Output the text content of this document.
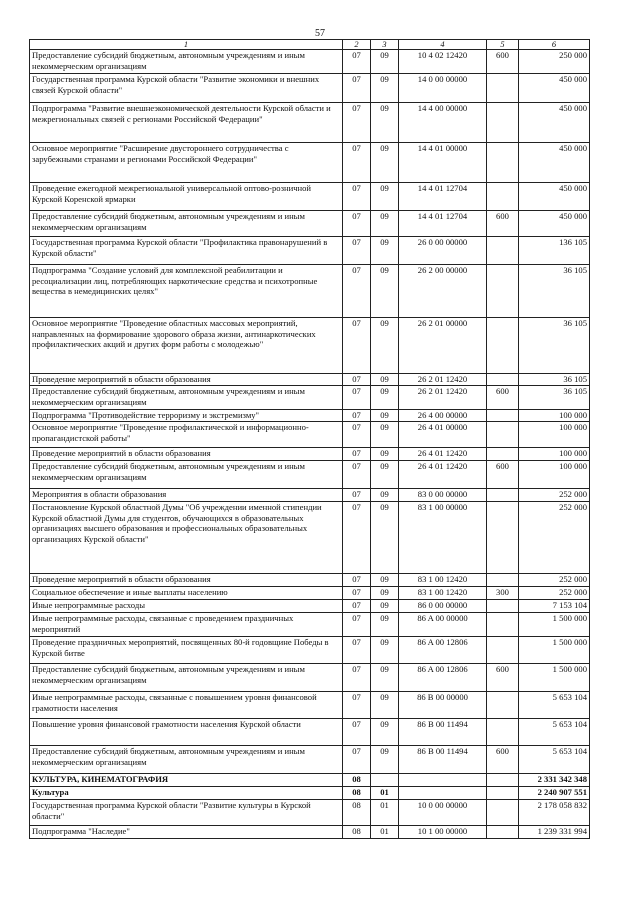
57
1	2	3	4	5	6
Предоставление субсидий бюджетным, автономным учреждениям и иным некоммерческим организациям	07	09	10 4 02 12420	600	250 000
Государственная программа Курской области "Развитие экономики и внешних связей Курской области"	07	09	14 0 00 00000		450 000
Подпрограмма "Развитие внешнеэкономической деятельности Курской области и межрегиональных связей с регионами Российской Федерации"	07	09	14 4 00 00000		450 000
Основное мероприятие "Расширение двустороннего сотрудничества с зарубежными странами и регионами Российской Федерации"	07	09	14 4 01 00000		450 000
Проведение ежегодной межрегиональной универсальной оптово-розничной Курской Коренской ярмарки	07	09	14 4 01 12704		450 000
Предоставление субсидий бюджетным, автономным учреждениям и иным некоммерческим организациям	07	09	14 4 01 12704	600	450 000
Государственная программа Курской области "Профилактика правонарушений в Курской области"	07	09	26 0 00 00000		136 105
Подпрограмма "Создание условий для комплексной реабилитации и ресоциализации лиц, потребляющих наркотические средства и психотропные вещества в немедицинских целях"	07	09	26 2 00 00000		36 105
Основное мероприятие "Проведение областных массовых мероприятий, направленных на формирование здорового образа жизни, антинаркотических профилактических акций и других форм работы с молодежью"	07	09	26 2 01 00000		36 105
Проведение мероприятий в области образования	07	09	26 2 01 12420		36 105
Предоставление субсидий бюджетным, автономным учреждениям и иным некоммерческим организациям	07	09	26 2 01 12420	600	36 105
Подпрограмма "Противодействие терроризму и экстремизму"	07	09	26 4 00 00000		100 000
Основное мероприятие "Проведение профилактической и информационно-пропагандистской работы"	07	09	26 4 01 00000		100 000
Проведение мероприятий в области образования	07	09	26 4 01 12420		100 000
Предоставление субсидий бюджетным, автономным учреждениям и иным некоммерческим организациям	07	09	26 4 01 12420	600	100 000
Мероприятия в области образования	07	09	83 0 00 00000		252 000
Постановление Курской областной Думы "Об учреждении именной стипендии Курской областной Думы для студентов, обучающихся в образовательных организациях высшего образования и профессиональных образовательных организациях Курской области"	07	09	83 1 00 00000		252 000
Проведение мероприятий в области образования	07	09	83 1 00 12420		252 000
Социальное обеспечение и иные выплаты населению	07	09	83 1 00 12420	300	252 000
Иные непрограммные расходы	07	09	86 0 00 00000		7 153 104
Иные непрограммные расходы, связанные с проведением праздничных мероприятий	07	09	86 A 00 00000		1 500 000
Проведение праздничных мероприятий, посвященных 80-й годовщине Победы в Курской битве	07	09	86 A 00 12806		1 500 000
Предоставление субсидий бюджетным, автономным учреждениям и иным некоммерческим организациям	07	09	86 A 00 12806	600	1 500 000
Иные непрограммные расходы, связанные с повышением уровня финансовой грамотности населения	07	09	86 B 00 00000		5 653 104
Повышение уровня финансовой грамотности населения Курской области	07	09	86 B 00 11494		5 653 104
Предоставление субсидий бюджетным, автономным учреждениям и иным некоммерческим организациям	07	09	86 B 00 11494	600	5 653 104
КУЛЬТУРА, КИНЕМАТОГРАФИЯ	08				2 331 342 348
Культура	08	01			2 240 907 551
Государственная программа Курской области "Развитие культуры в Курской области"	08	01	10 0 00 00000		2 178 058 832
Подпрограмма "Наследие"	08	01	10 1 00 00000		1 239 331 994
